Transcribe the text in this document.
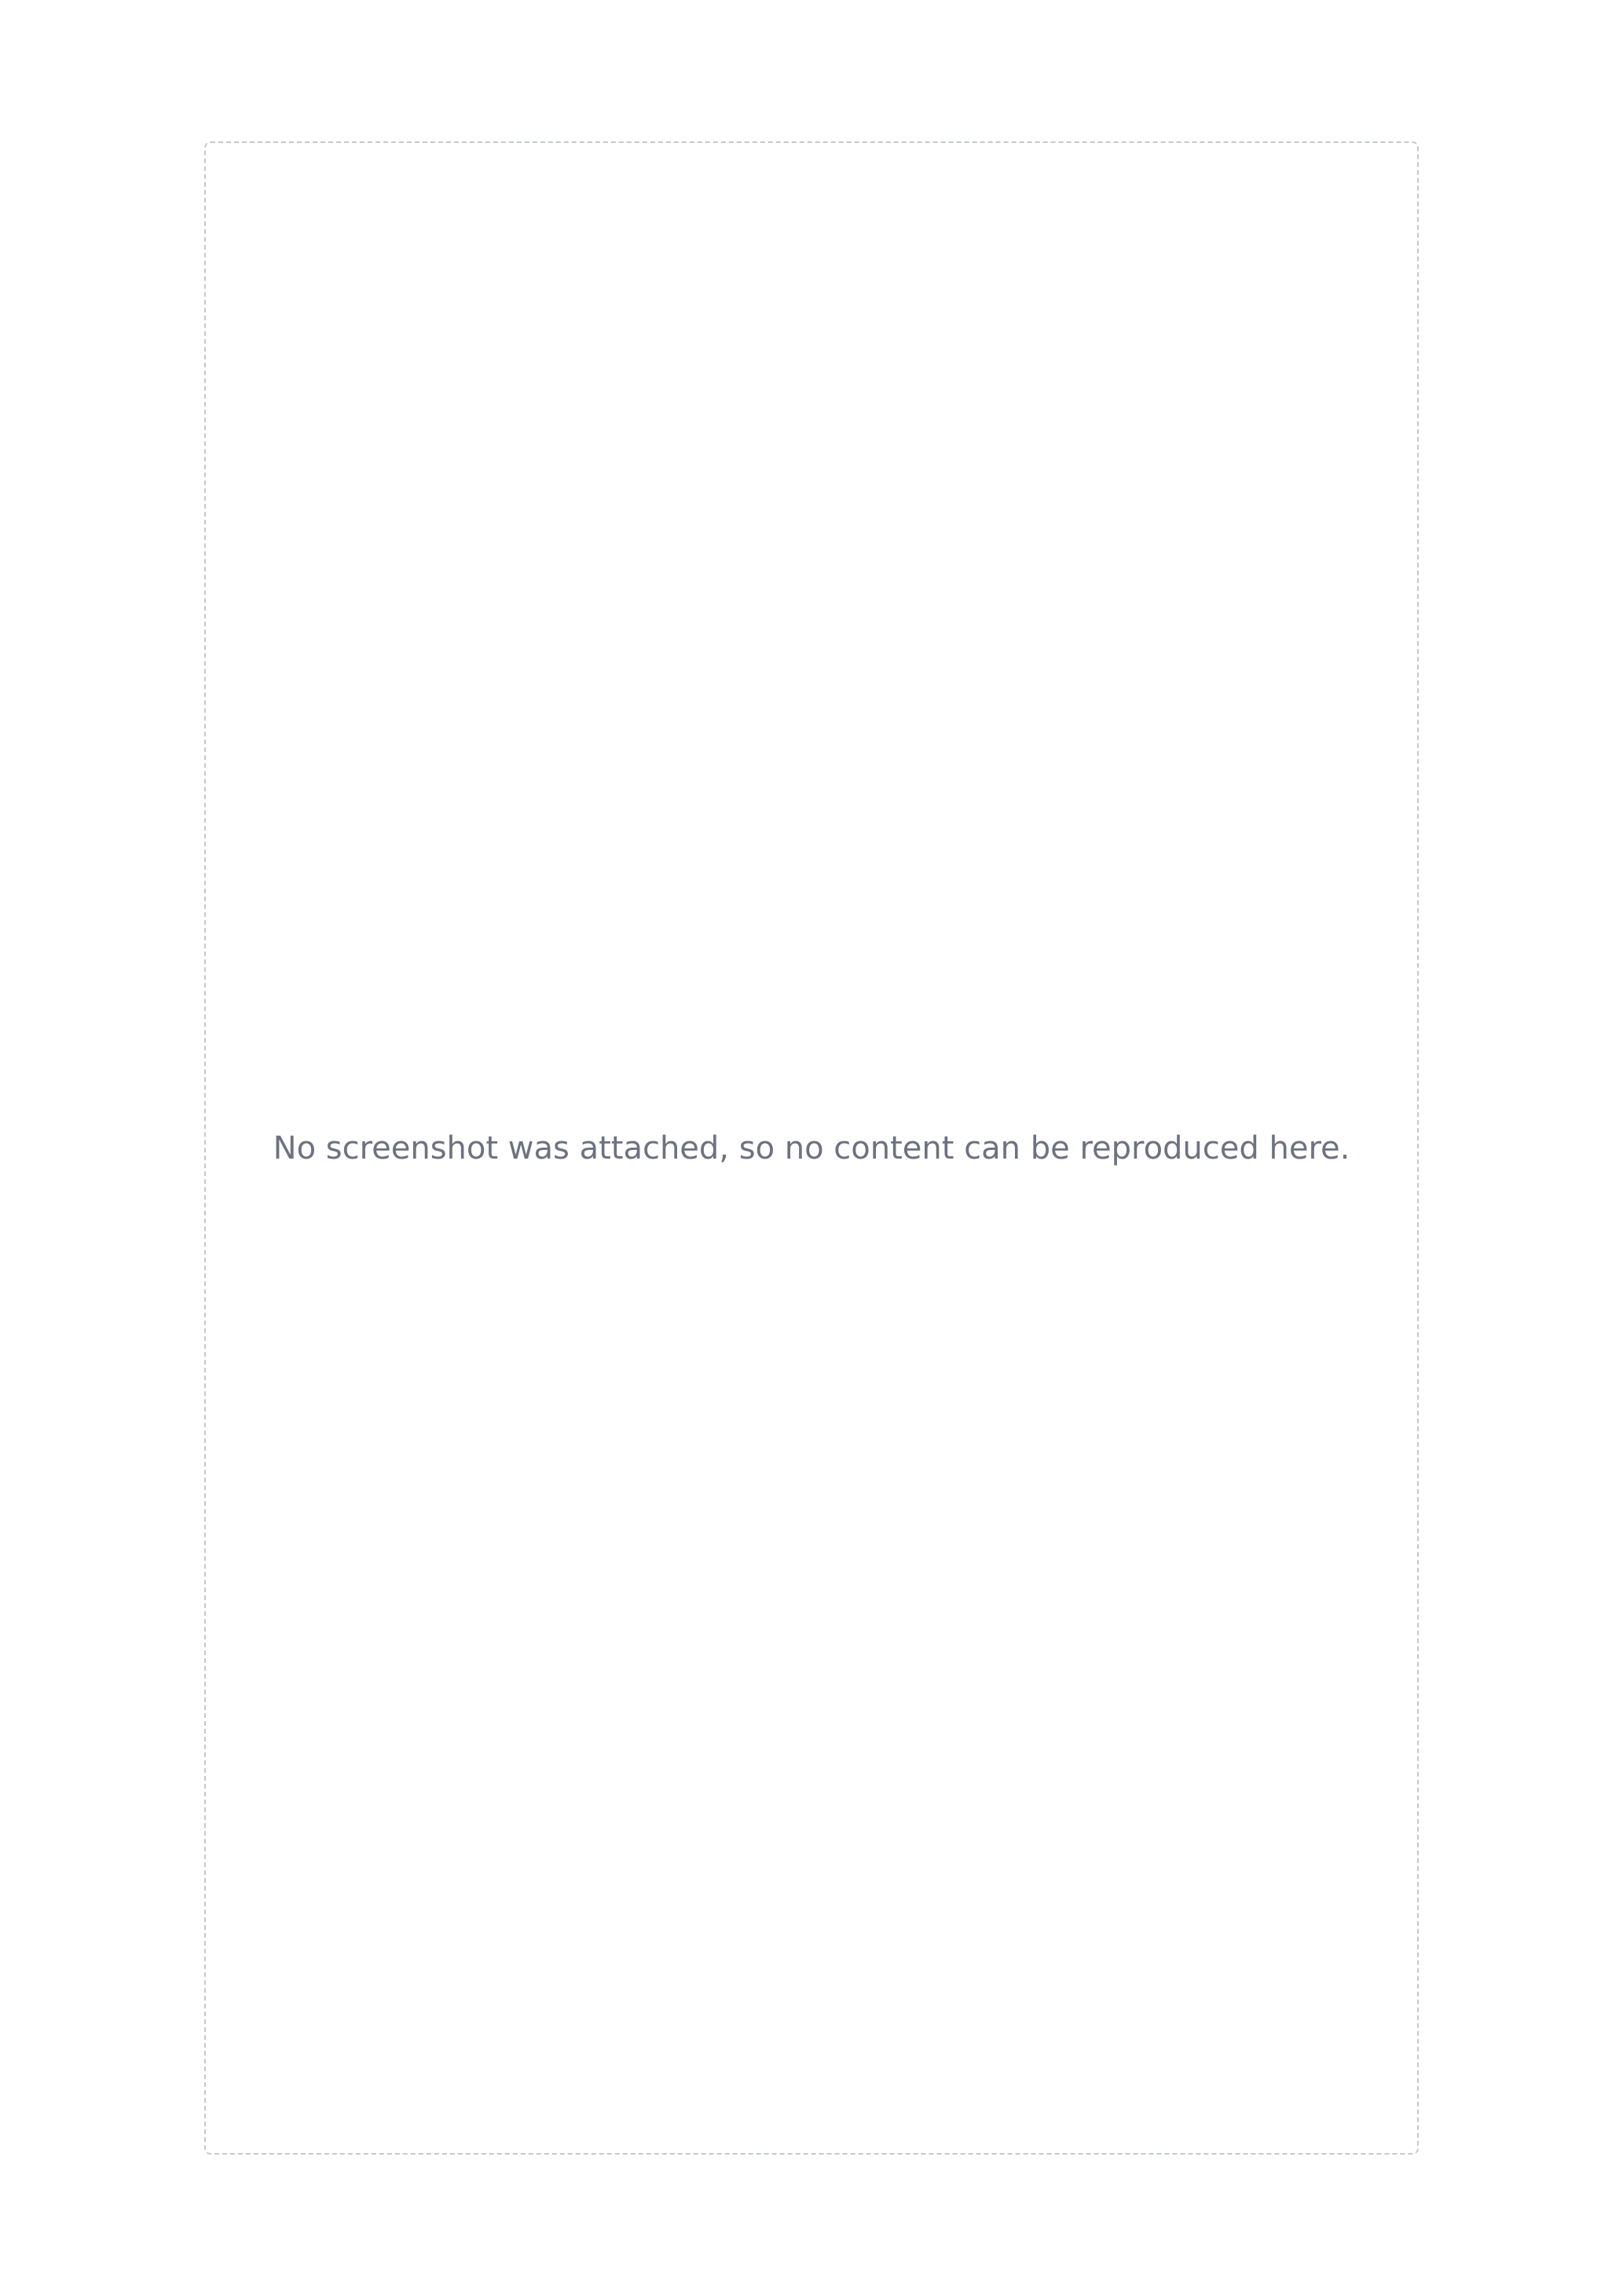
No screenshot was attached, so no content can be reproduced here.
